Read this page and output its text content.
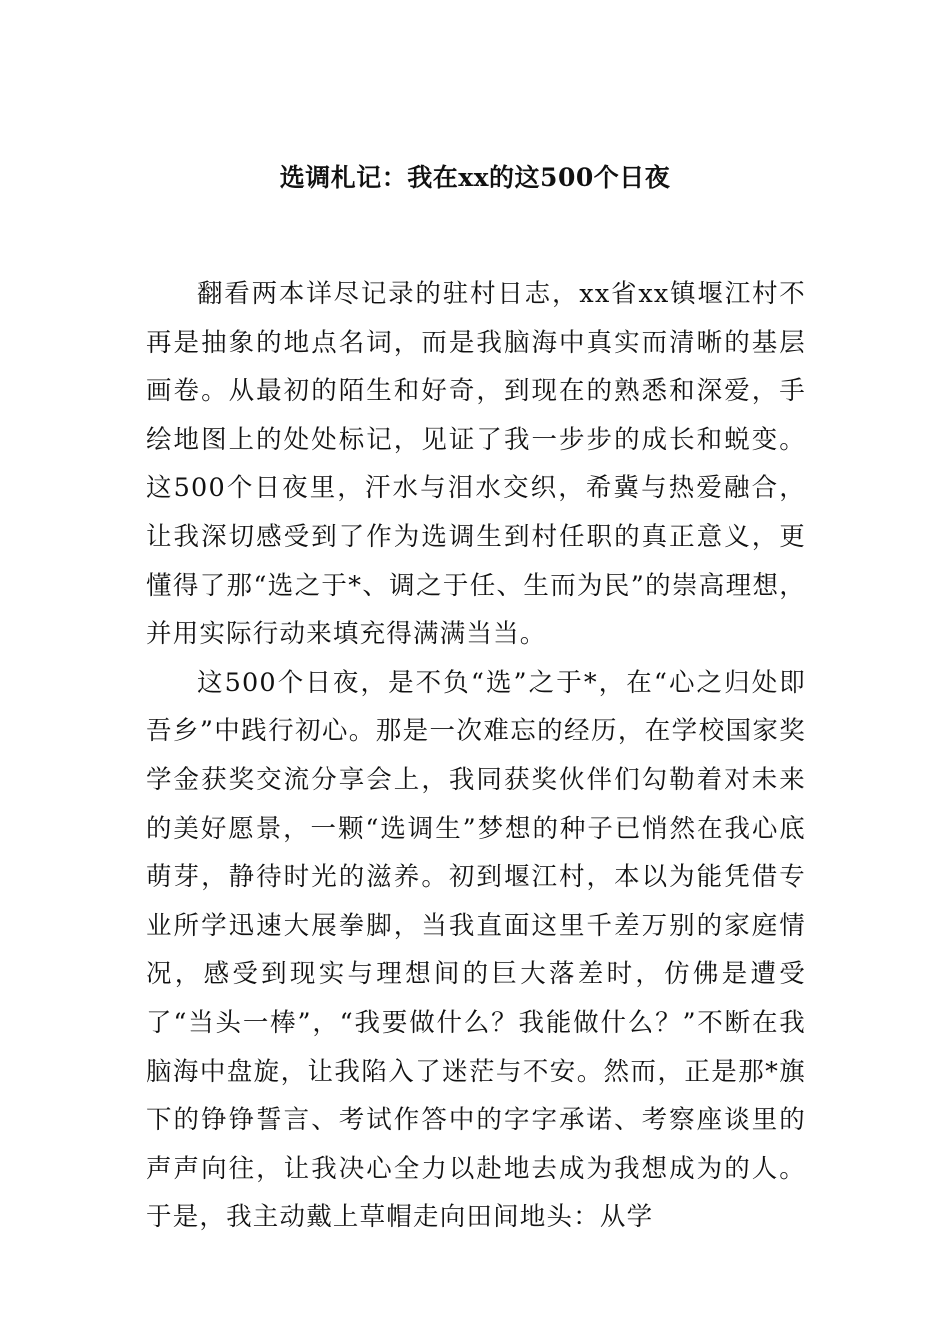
选调札记：我在xx的这500个日夜

翻看两本详尽记录的驻村日志，xx省xx镇堰江村不再是抽象的地点名词，而是我脑海中真实而清晰的基层画卷。从最初的陌生和好奇，到现在的熟悉和深爱，手绘地图上的处处标记，见证了我一步步的成长和蜕变。这500个日夜里，汗水与泪水交织，希冀与热爱融合，让我深切感受到了作为选调生到村任职的真正意义，更懂得了那“选之于*、调之于任、生而为民”的崇高理想，并用实际行动来填充得满满当当。

这500个日夜，是不负“选”之于*，在“心之归处即吾乡”中践行初心。那是一次难忘的经历，在学校国家奖学金获奖交流分享会上，我同获奖伙伴们勾勒着对未来的美好愿景，一颗“选调生”梦想的种子已悄然在我心底萌芽，静待时光的滋养。初到堰江村，本以为能凭借专业所学迅速大展拳脚，当我直面这里千差万别的家庭情况，感受到现实与理想间的巨大落差时，仿佛是遭受了“当头一棒”，“我要做什么？我能做什么？”不断在我脑海中盘旋，让我陷入了迷茫与不安。然而，正是那*旗下的铮铮誓言、考试作答中的字字承诺、考察座谈里的声声向往，让我决心全力以赴地去成为我想成为的人。于是，我主动戴上草帽走向田间地头：从学
